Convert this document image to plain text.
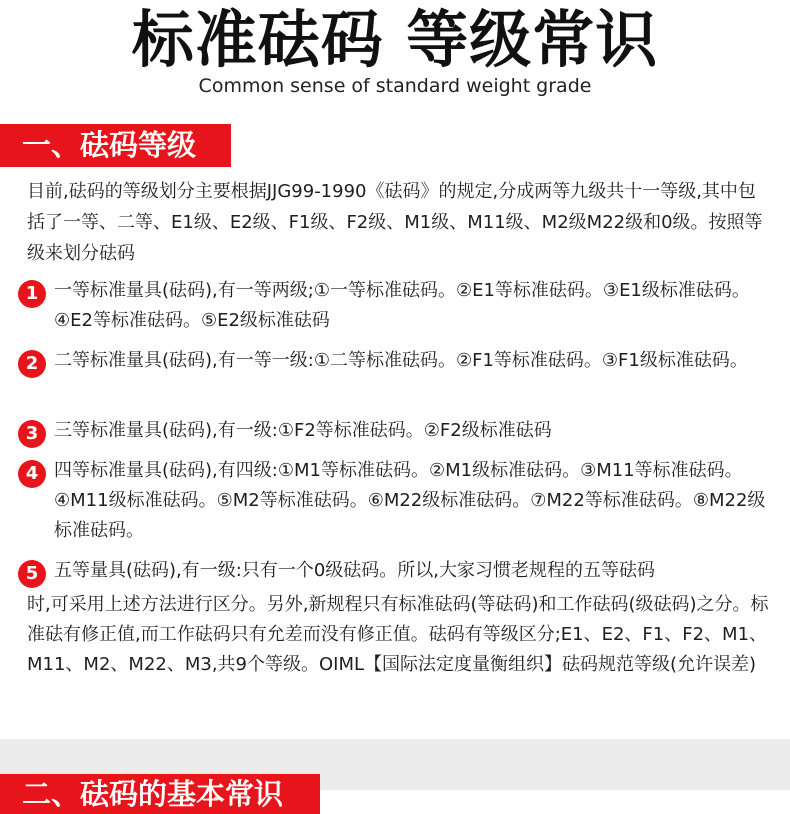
标准砝码 等级常识
Common sense of standard weight grade
一、砝码等级
目前,砝码的等级划分主要根据JJG99-1990《砝码》的规定,分成两等九级共十一等级,其中包括了一等、二等、E1级、E2级、F1级、F2级、M1级、M11级、M2级M22级和0级。按照等级来划分砝码
1 一等标准量具(砝码),有一等两级;①一等标准砝码。②E1等标准砝码。③E1级标准砝码。④E2等标准砝码。⑤E2级标准砝码
2 二等标准量具(砝码),有一等一级:①二等标准砝码。②F1等标准砝码。③F1级标准砝码。
3 三等标准量具(砝码),有一级:①F2等标准砝码。②F2级标准砝码
4 四等标准量具(砝码),有四级:①M1等标准砝码。②M1级标准砝码。③M11等标准砝码。④M11级标准砝码。⑤M2等标准砝码。⑥M22级标准砝码。⑦M22等标准砝码。⑧M22级标准砝码。
5 五等量具(砝码),有一级:只有一个0级砝码。所以,大家习惯老规程的五等砝码
时,可采用上述方法进行区分。另外,新规程只有标准砝码(等砝码)和工作砝码(级砝码)之分。标准砝有修正值,而工作砝码只有允差而没有修正值。砝码有等级区分;E1、E2、F1、F2、M1、M11、M2、M22、M3,共9个等级。OIML【国际法定度量衡组织】砝码规范等级(允许误差)
二、砝码的基本常识
